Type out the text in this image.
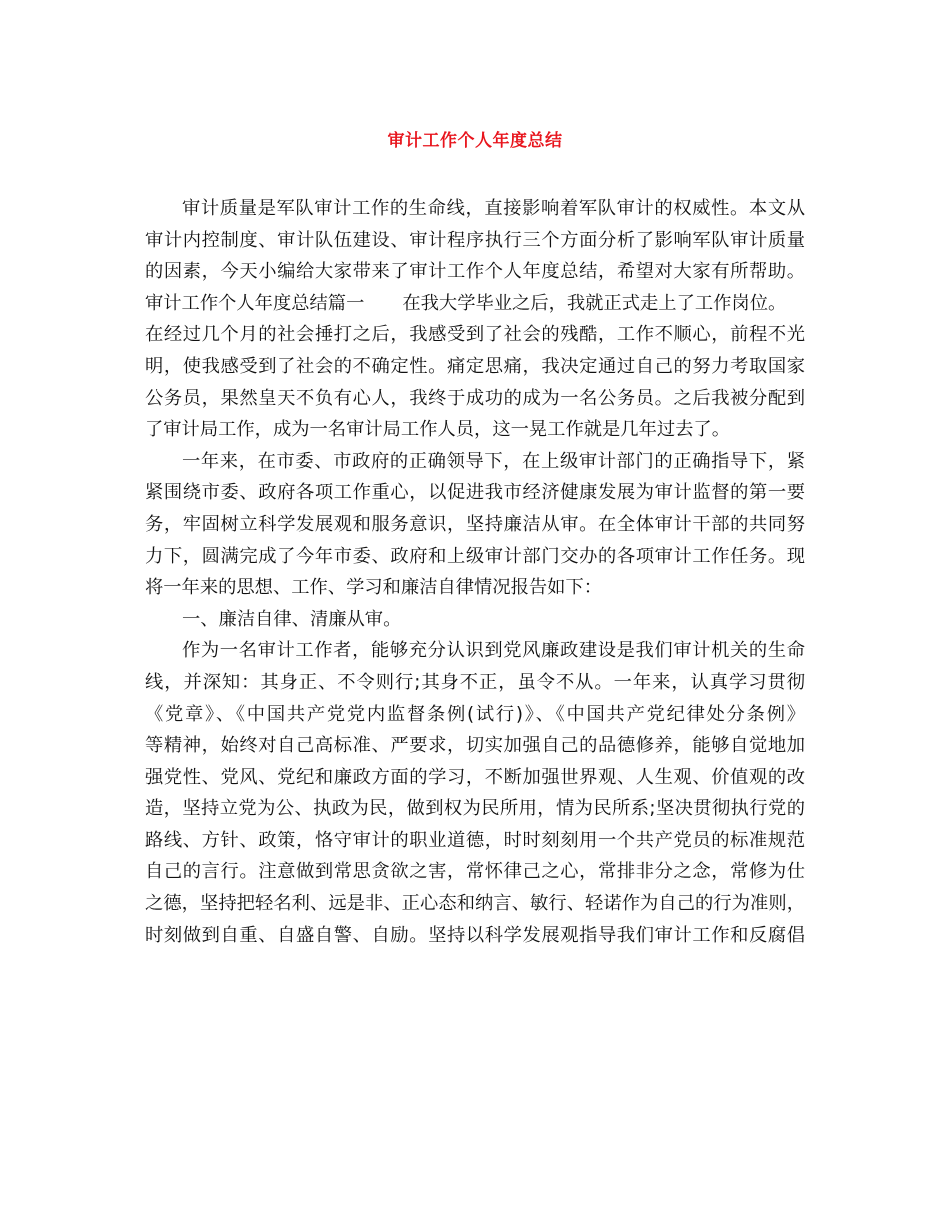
审计工作个人年度总结
审计质量是军队审计工作的生命线，直接影响着军队审计的权威性。本文从
审计内控制度、审计队伍建设、审计程序执行三个方面分析了影响军队审计质量
的因素，今天小编给大家带来了审计工作个人年度总结，希望对大家有所帮助。
审计工作个人年度总结篇一 在我大学毕业之后，我就正式走上了工作岗位。
在经过几个月的社会捶打之后，我感受到了社会的残酷，工作不顺心，前程不光
明，使我感受到了社会的不确定性。痛定思痛，我决定通过自己的努力考取国家
公务员，果然皇天不负有心人，我终于成功的成为一名公务员。之后我被分配到
了审计局工作，成为一名审计局工作人员，这一晃工作就是几年过去了。
一年来，在市委、市政府的正确领导下，在上级审计部门的正确指导下，紧
紧围绕市委、政府各项工作重心，以促进我市经济健康发展为审计监督的第一要
务，牢固树立科学发展观和服务意识，坚持廉洁从审。在全体审计干部的共同努
力下，圆满完成了今年市委、政府和上级审计部门交办的各项审计工作任务。现
将一年来的思想、工作、学习和廉洁自律情况报告如下：
一、廉洁自律、清廉从审。
作为一名审计工作者，能够充分认识到党风廉政建设是我们审计机关的生命
线，并深知：其身正、不令则行;其身不正，虽令不从。一年来，认真学习贯彻
《党章》、《中国共产党党内监督条例(试行)》、《中国共产党纪律处分条例》
等精神，始终对自己高标准、严要求，切实加强自己的品德修养，能够自觉地加
强党性、党风、党纪和廉政方面的学习，不断加强世界观、人生观、价值观的改
造，坚持立党为公、执政为民，做到权为民所用，情为民所系;坚决贯彻执行党的
路线、方针、政策，恪守审计的职业道德，时时刻刻用一个共产党员的标准规范
自己的言行。注意做到常思贪欲之害，常怀律己之心，常排非分之念，常修为仕
之德，坚持把轻名利、远是非、正心态和纳言、敏行、轻诺作为自己的行为准则，
时刻做到自重、自盛自警、自励。坚持以科学发展观指导我们审计工作和反腐倡
